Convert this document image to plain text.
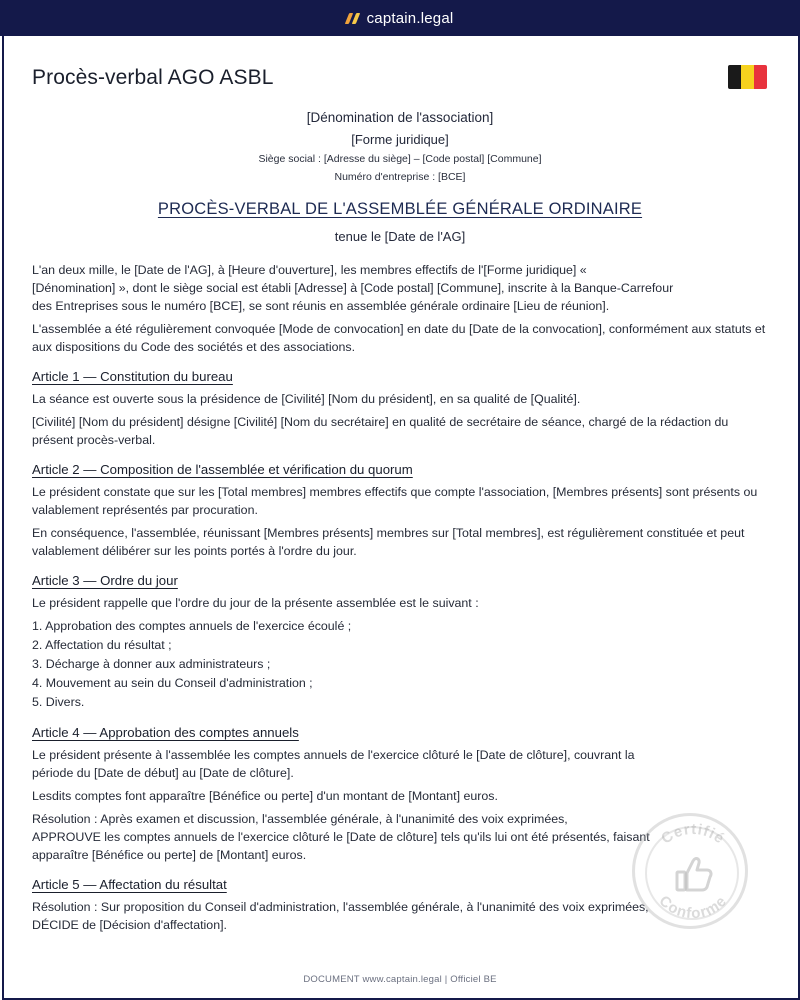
captain.legal
Procès-verbal AGO ASBL
[Dénomination de l'association]
[Forme juridique]
Siège social : [Adresse du siège] – [Code postal] [Commune]
Numéro d'entreprise : [BCE]
PROCÈS-VERBAL DE L'ASSEMBLÉE GÉNÉRALE ORDINAIRE
tenue le [Date de l'AG]

L'an deux mille, le [Date de l'AG], à [Heure d'ouverture], les membres effectifs de l'[Forme juridique] «
[Dénomination] », dont le siège social est établi [Adresse] à [Code postal] [Commune], inscrite à la Banque-Carrefour
des Entreprises sous le numéro [BCE], se sont réunis en assemblée générale ordinaire [Lieu de réunion].

L'assemblée a été régulièrement convoquée [Mode de convocation] en date du [Date de la convocation], conformément aux statuts et aux dispositions du Code des sociétés et des associations.

Article 1 — Constitution du bureau

La séance est ouverte sous la présidence de [Civilité] [Nom du président], en sa qualité de [Qualité].

[Civilité] [Nom du président] désigne [Civilité] [Nom du secrétaire] en qualité de secrétaire de séance, chargé de la rédaction du présent procès-verbal.

Article 2 — Composition de l'assemblée et vérification du quorum

Le président constate que sur les [Total membres] membres effectifs que compte l'association, [Membres présents] sont présents ou valablement représentés par procuration.

En conséquence, l'assemblée, réunissant [Membres présents] membres sur [Total membres], est régulièrement constituée et peut valablement délibérer sur les points portés à l'ordre du jour.

Article 3 — Ordre du jour

Le président rappelle que l'ordre du jour de la présente assemblée est le suivant :

1. Approbation des comptes annuels de l'exercice écoulé ;

2. Affectation du résultat ;

3. Décharge à donner aux administrateurs ;

4. Mouvement au sein du Conseil d'administration ;

5. Divers.

Article 4 — Approbation des comptes annuels

Le président présente à l'assemblée les comptes annuels de l'exercice clôturé le [Date de clôture], couvrant la
période du [Date de début] au [Date de clôture].

Lesdits comptes font apparaître [Bénéfice ou perte] d'un montant de [Montant] euros.

Résolution : Après examen et discussion, l'assemblée générale, à l'unanimité des voix exprimées,
APPROUVE les comptes annuels de l'exercice clôturé le [Date de clôture] tels qu'ils lui ont été présentés, faisant
apparaître [Bénéfice ou perte] de [Montant] euros.

Article 5 — Affectation du résultat

Résolution : Sur proposition du Conseil d'administration, l'assemblée générale, à l'unanimité des voix exprimées,
DÉCIDE de [Décision d'affectation].

Certifié
Conforme
DOCUMENT www.captain.legal | Officiel BE
